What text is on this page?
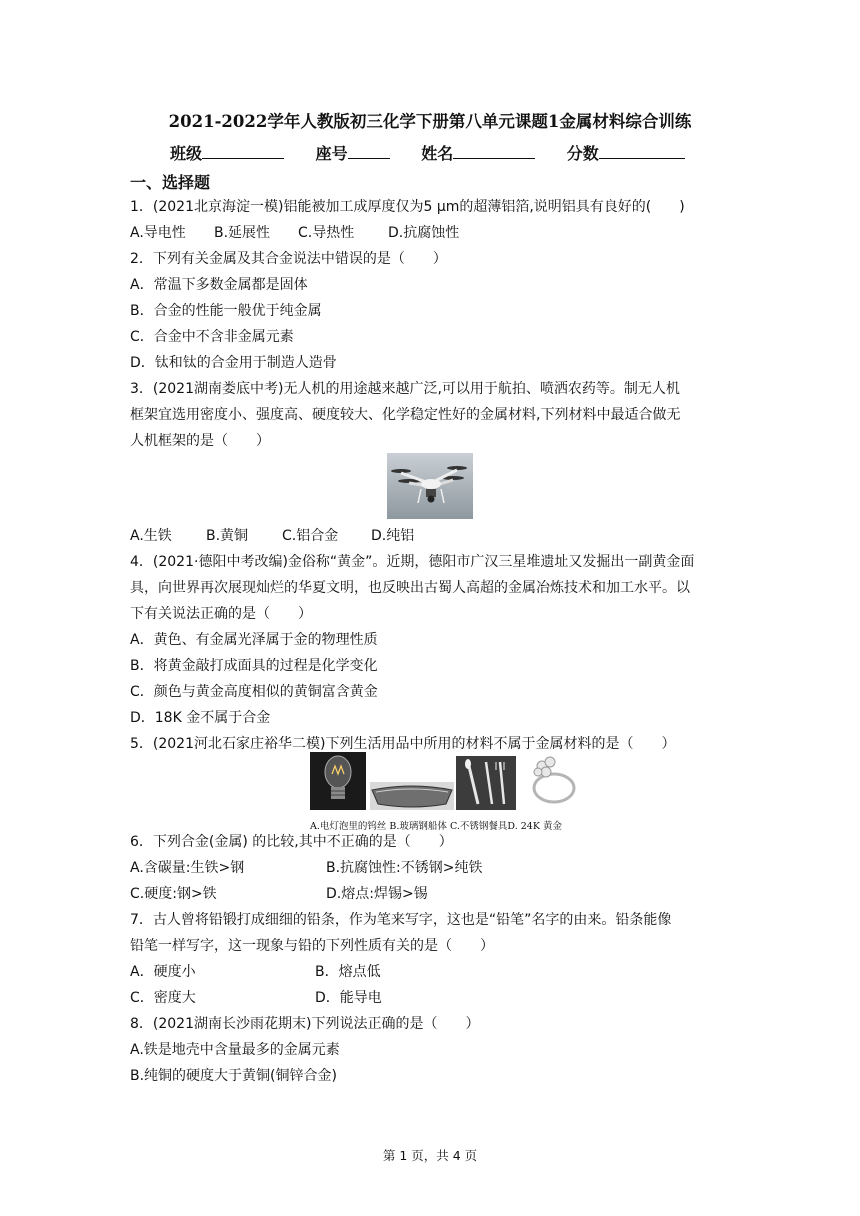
2021-2022学年人教版初三化学下册第八单元课题1金属材料综合训练
班级	座号	姓名	分数
一、选择题
1．(2021北京海淀一模)铝能被加工成厚度仅为5 μm的超薄铝箔,说明铝具有良好的(　　)
A.导电性 B.延展性 C.导热性 D.抗腐蚀性
2．下列有关金属及其合金说法中错误的是（　　）
A．常温下多数金属都是固体
B．合金的性能一般优于纯金属
C．合金中不含非金属元素
D．钛和钛的合金用于制造人造骨
3．(2021湖南娄底中考)无人机的用途越来越广泛,可以用于航拍、喷洒农药等。制无人机
框架宜选用密度小、强度高、硬度较大、化学稳定性好的金属材料,下列材料中最适合做无
人机框架的是（　　）
A.生铁 B.黄铜 C.铝合金 D.纯铝
4．(2021·德阳中考改编)金俗称“黄金”。近期，德阳市广汉三星堆遗址又发掘出一副黄金面
具，向世界再次展现灿烂的华夏文明，也反映出古蜀人高超的金属冶炼技术和加工水平。以
下有关说法正确的是（　　）
A．黄色、有金属光泽属于金的物理性质
B．将黄金敲打成面具的过程是化学变化
C．颜色与黄金高度相似的黄铜富含黄金
D．18K 金不属于合金
5．(2021河北石家庄裕华二模)下列生活用品中所用的材料不属于金属材料的是（　　）
A.电灯泡里的钨丝 B.玻璃钢船体 C.不锈钢餐具D. 24K 黄金
6．下列合金(金属) 的比较,其中不正确的是（　　）
A.含碳量:生铁>钢	B.抗腐蚀性:不锈钢>纯铁
C.硬度:钢>铁	D.熔点:焊锡>锡
7．古人曾将铅锻打成细细的铅条，作为笔来写字，这也是“铅笔”名字的由来。铅条能像
铅笔一样写字，这一现象与铅的下列性质有关的是（　　）
A．硬度小	B．熔点低
C．密度大	D．能导电
8．(2021湖南长沙雨花期末)下列说法正确的是（　　）
A.铁是地壳中含量最多的金属元素
B.纯铜的硬度大于黄铜(铜锌合金)
第 1 页，共 4 页
